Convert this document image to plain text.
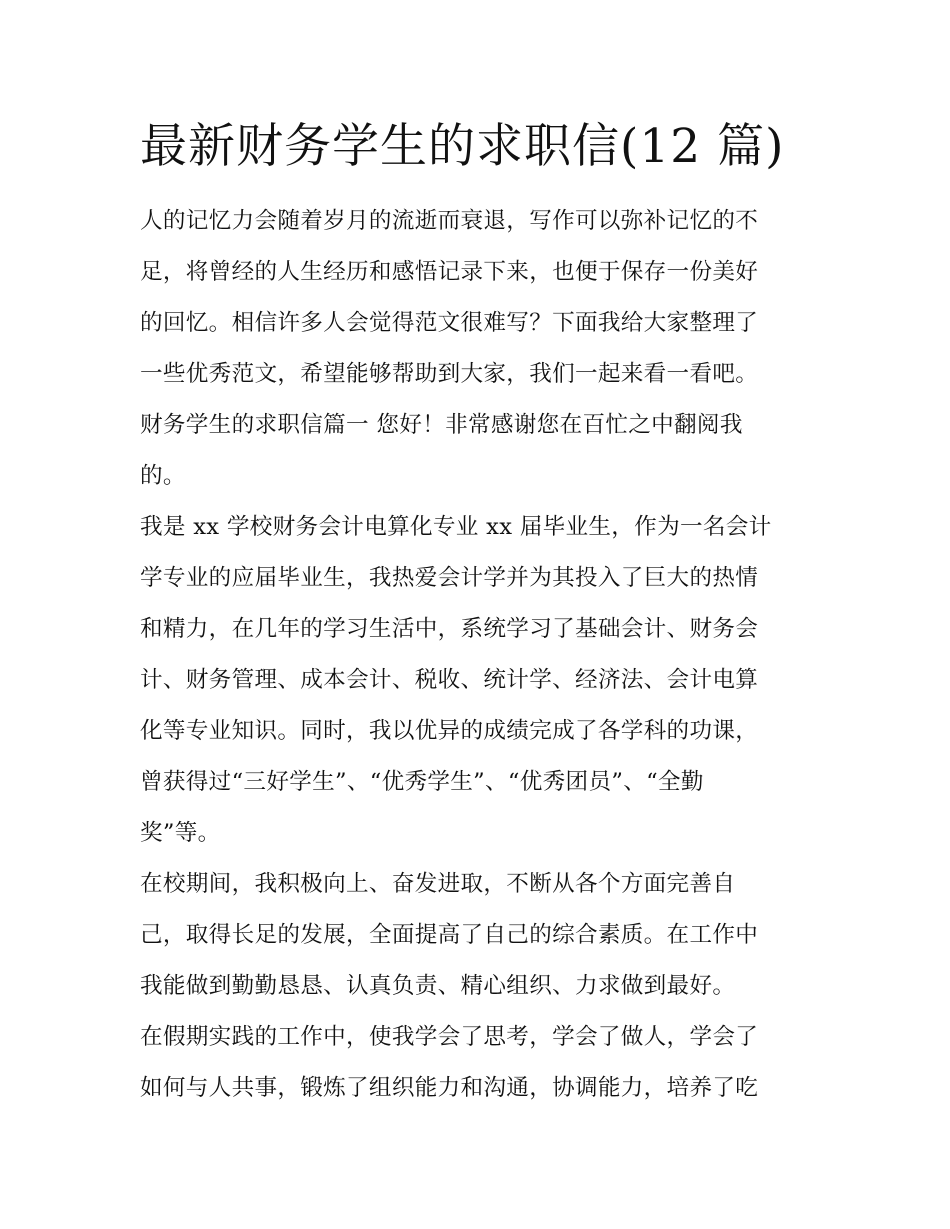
最新财务学生的求职信(12 篇)
人的记忆力会随着岁月的流逝而衰退，写作可以弥补记忆的不
足，将曾经的人生经历和感悟记录下来，也便于保存一份美好
的回忆。相信许多人会觉得范文很难写？下面我给大家整理了
一些优秀范文，希望能够帮助到大家，我们一起来看一看吧。
财务学生的求职信篇一 您好！非常感谢您在百忙之中翻阅我
的。
我是 xx 学校财务会计电算化专业 xx 届毕业生，作为一名会计
学专业的应届毕业生，我热爱会计学并为其投入了巨大的热情
和精力，在几年的学习生活中，系统学习了基础会计、财务会
计、财务管理、成本会计、税收、统计学、经济法、会计电算
化等专业知识。同时，我以优异的成绩完成了各学科的功课，
曾获得过“三好学生”、“优秀学生”、“优秀团员”、“全勤
奖”等。
在校期间，我积极向上、奋发进取，不断从各个方面完善自
己，取得长足的发展，全面提高了自己的综合素质。在工作中
我能做到勤勤恳恳、认真负责、精心组织、力求做到最好。
在假期实践的工作中，使我学会了思考，学会了做人，学会了
如何与人共事，锻炼了组织能力和沟通，协调能力，培养了吃
